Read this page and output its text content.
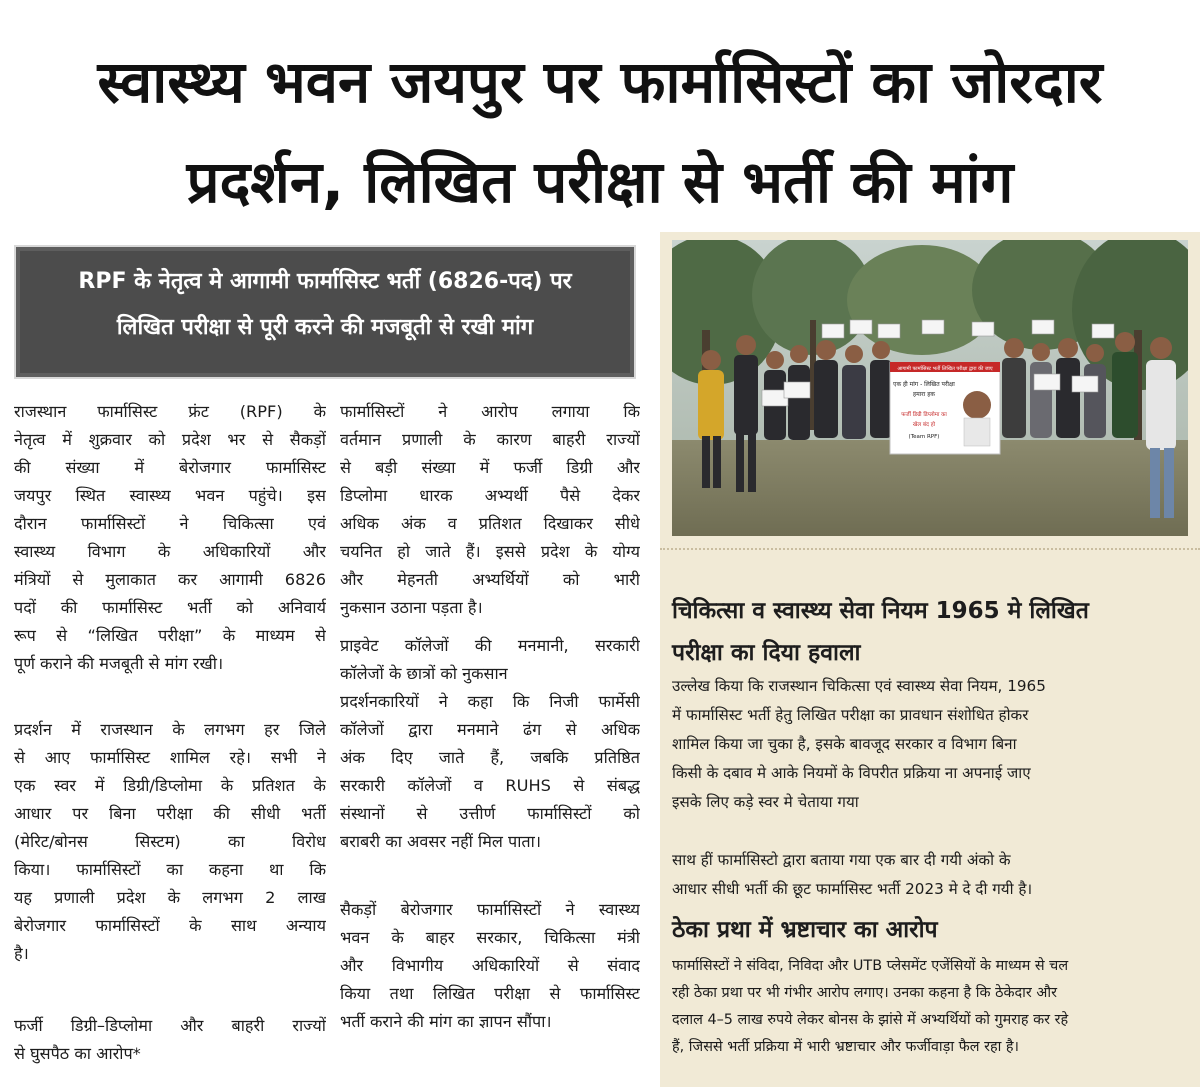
स्वास्थ्य भवन जयपुर पर फार्मासिस्टों का जोरदार
प्रदर्शन, लिखित परीक्षा से भर्ती की मांग
RPF के नेतृत्व मे आगामी फार्मासिस्ट भर्ती (6826-पद) पर
लिखित परीक्षा से पूरी करने की मजबूती से रखी मांग
राजस्थान फार्मासिस्ट फ्रंट (RPF) के
नेतृत्व में शुक्रवार को प्रदेश भर से सैकड़ों
की संख्या में बेरोजगार फार्मासिस्ट
जयपुर स्थित स्वास्थ्य भवन पहुंचे। इस
दौरान फार्मासिस्टों ने चिकित्सा एवं
स्वास्थ्य विभाग के अधिकारियों और
मंत्रियों से मुलाकात कर आगामी 6826
पदों की फार्मासिस्ट भर्ती को अनिवार्य
रूप से “लिखित परीक्षा” के माध्यम से
पूर्ण कराने की मजबूती से मांग रखी।
प्रदर्शन में राजस्थान के लगभग हर जिले
से आए फार्मासिस्ट शामिल रहे। सभी ने
एक स्वर में डिग्री/डिप्लोमा के प्रतिशत के
आधार पर बिना परीक्षा की सीधी भर्ती
(मेरिट/बोनस सिस्टम) का विरोध
किया। फार्मासिस्टों का कहना था कि
यह प्रणाली प्रदेश के लगभग 2 लाख
बेरोजगार फार्मासिस्टों के साथ अन्याय
है।
फर्जी डिग्री–डिप्लोमा और बाहरी राज्यों
से घुसपैठ का आरोप*
फार्मासिस्टों ने आरोप लगाया कि
वर्तमान प्रणाली के कारण बाहरी राज्यों
से बड़ी संख्या में फर्जी डिग्री और
डिप्लोमा धारक अभ्यर्थी पैसे देकर
अधिक अंक व प्रतिशत दिखाकर सीधे
चयनित हो जाते हैं। इससे प्रदेश के योग्य
और मेहनती अभ्यर्थियों को भारी
नुकसान उठाना पड़ता है।
प्राइवेट कॉलेजों की मनमानी, सरकारी
कॉलेजों के छात्रों को नुकसान
प्रदर्शनकारियों ने कहा कि निजी फार्मेसी
कॉलेजों द्वारा मनमाने ढंग से अधिक
अंक दिए जाते हैं, जबकि प्रतिष्ठित
सरकारी कॉलेजों व RUHS से संबद्ध
संस्थानों से उत्तीर्ण फार्मासिस्टों को
बराबरी का अवसर नहीं मिल पाता।
सैकड़ों बेरोजगार फार्मासिस्टों ने स्वास्थ्य
भवन के बाहर सरकार, चिकित्सा मंत्री
और विभागीय अधिकारियों से संवाद
किया तथा लिखित परीक्षा से फार्मासिस्ट
भर्ती कराने की मांग का ज्ञापन सौंपा।
आगामी फार्मासिस्ट भर्ती लिखित परीक्षा द्वारा की जाए
एक ही मांग - लिखित परीक्षा
हमारा हक
फर्जी डिग्री डिप्लोमा का
खेल बंद हो
(Team RPF)
चिकित्सा व स्वास्थ्य सेवा नियम 1965 मे लिखित
परीक्षा का दिया हवाला
उल्लेख किया कि राजस्थान चिकित्सा एवं स्वास्थ्य सेवा नियम, 1965
में फार्मासिस्ट भर्ती हेतु लिखित परीक्षा का प्रावधान संशोधित होकर
शामिल किया जा चुका है, इसके बावजूद सरकार व विभाग बिना
किसी के दबाव मे आके नियमों के विपरीत प्रक्रिया ना अपनाई जाए
इसके लिए कड़े स्वर मे चेताया गया
साथ हीं फार्मासिस्टो द्वारा बताया गया एक बार दी गयी अंको के
आधार सीधी भर्ती की छूट फार्मासिस्ट भर्ती 2023 मे दे दी गयी है।
ठेका प्रथा में भ्रष्टाचार का आरोप
फार्मासिस्टों ने संविदा, निविदा और UTB प्लेसमेंट एजेंसियों के माध्यम से चल
रही ठेका प्रथा पर भी गंभीर आरोप लगाए। उनका कहना है कि ठेकेदार और
दलाल 4–5 लाख रुपये लेकर बोनस के झांसे में अभ्यर्थियों को गुमराह कर रहे
हैं, जिससे भर्ती प्रक्रिया में भारी भ्रष्टाचार और फर्जीवाड़ा फैल रहा है।
